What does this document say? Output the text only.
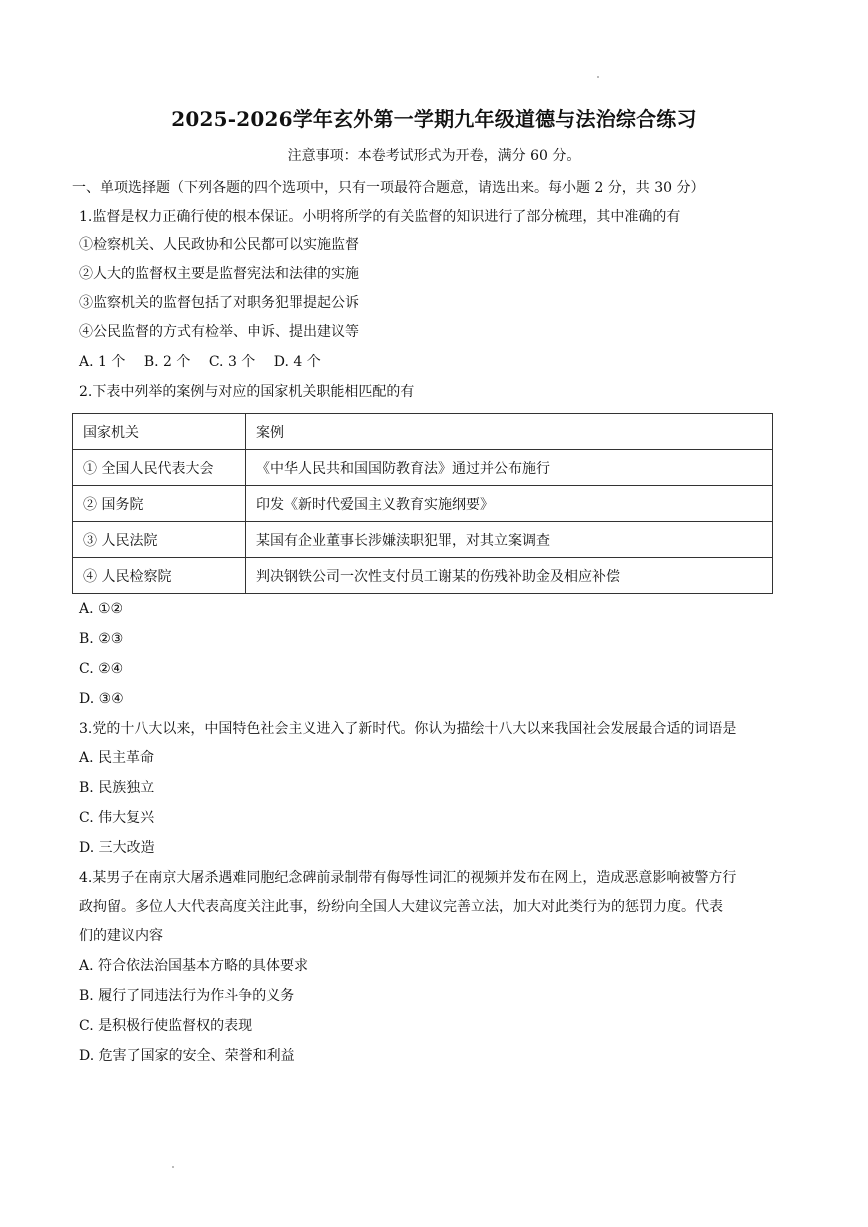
2025-2026学年玄外第一学期九年级道德与法治综合练习
注意事项：本卷考试形式为开卷，满分 60 分。
一、单项选择题（下列各题的四个选项中，只有一项最符合题意，请选出来。每小题 2 分，共 30 分）
1.监督是权力正确行使的根本保证。小明将所学的有关监督的知识进行了部分梳理，其中准确的有
①检察机关、人民政协和公民都可以实施监督
②人大的监督权主要是监督宪法和法律的实施
③监察机关的监督包括了对职务犯罪提起公诉
④公民监督的方式有检举、申诉、提出建议等
A. 1 个 B. 2 个 C. 3 个 D. 4 个
2.下表中列举的案例与对应的国家机关职能相匹配的有
国家机关	案例
① 全国人民代表大会	《中华人民共和国国防教育法》通过并公布施行
② 国务院	印发《新时代爱国主义教育实施纲要》
③ 人民法院	某国有企业董事长涉嫌渎职犯罪，对其立案调查
④ 人民检察院	判决钢铁公司一次性支付员工谢某的伤残补助金及相应补偿
A. ①②
B. ②③
C. ②④
D. ③④
3.党的十八大以来，中国特色社会主义进入了新时代。你认为描绘十八大以来我国社会发展最合适的词语是
A. 民主革命
B. 民族独立
C. 伟大复兴
D. 三大改造
4.某男子在南京大屠杀遇难同胞纪念碑前录制带有侮辱性词汇的视频并发布在网上，造成恶意影响被警方行
政拘留。多位人大代表高度关注此事，纷纷向全国人大建议完善立法，加大对此类行为的惩罚力度。代表
们的建议内容
A. 符合依法治国基本方略的具体要求
B. 履行了同违法行为作斗争的义务
C. 是积极行使监督权的表现
D. 危害了国家的安全、荣誉和利益
